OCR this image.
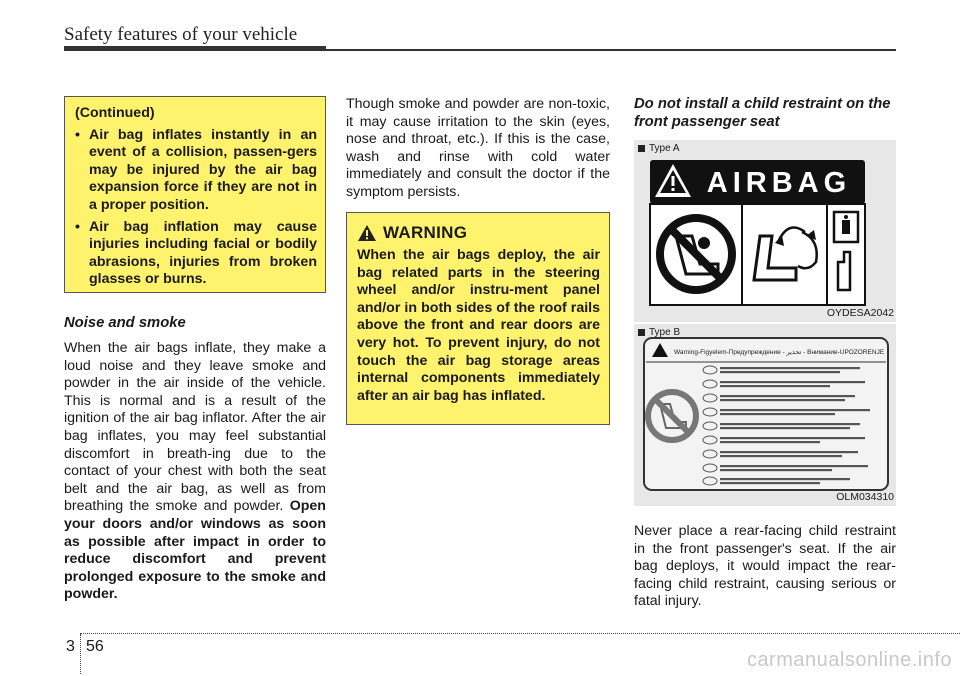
Safety features of your vehicle
(Continued)
• Air bag inflates instantly in an event of a collision, passen-gers may be injured by the air bag expansion force if they are not in a proper position.
• Air bag inflation may cause injuries including facial or bodily abrasions, injuries from broken glasses or burns.
Noise and smoke
When the air bags inflate, they make a loud noise and they leave smoke and powder in the air inside of the vehicle. This is normal and is a result of the ignition of the air bag inflator. After the air bag inflates, you may feel substantial discomfort in breath-ing due to the contact of your chest with both the seat belt and the air bag, as well as from breathing the smoke and powder. Open your doors and/or windows as soon as possible after impact in order to reduce discomfort and prevent prolonged exposure to the smoke and powder.
Though smoke and powder are non-toxic, it may cause irritation to the skin (eyes, nose and throat, etc.). If this is the case, wash and rinse with cold water immediately and consult the doctor if the symptom persists.
WARNING
When the air bags deploy, the air bag related parts in the steering wheel and/or instru-ment panel and/or in both sides of the roof rails above the front and rear doors are very hot. To prevent injury, do not touch the air bag storage areas internal components immediately after an air bag has inflated.
Do not install a child restraint on the front passenger seat
Type A
AIRBAG
OYDESA2042
Type B
Warning-Figyelem-Предупреждение - تحذير - Внимание-UPOZORENJE
OLM034310
Never place a rear-facing child restraint in the front passenger's seat. If the air bag deploys, it would impact the rear-facing child restraint, causing serious or fatal injury.
3 56
carmanualsonline.info
